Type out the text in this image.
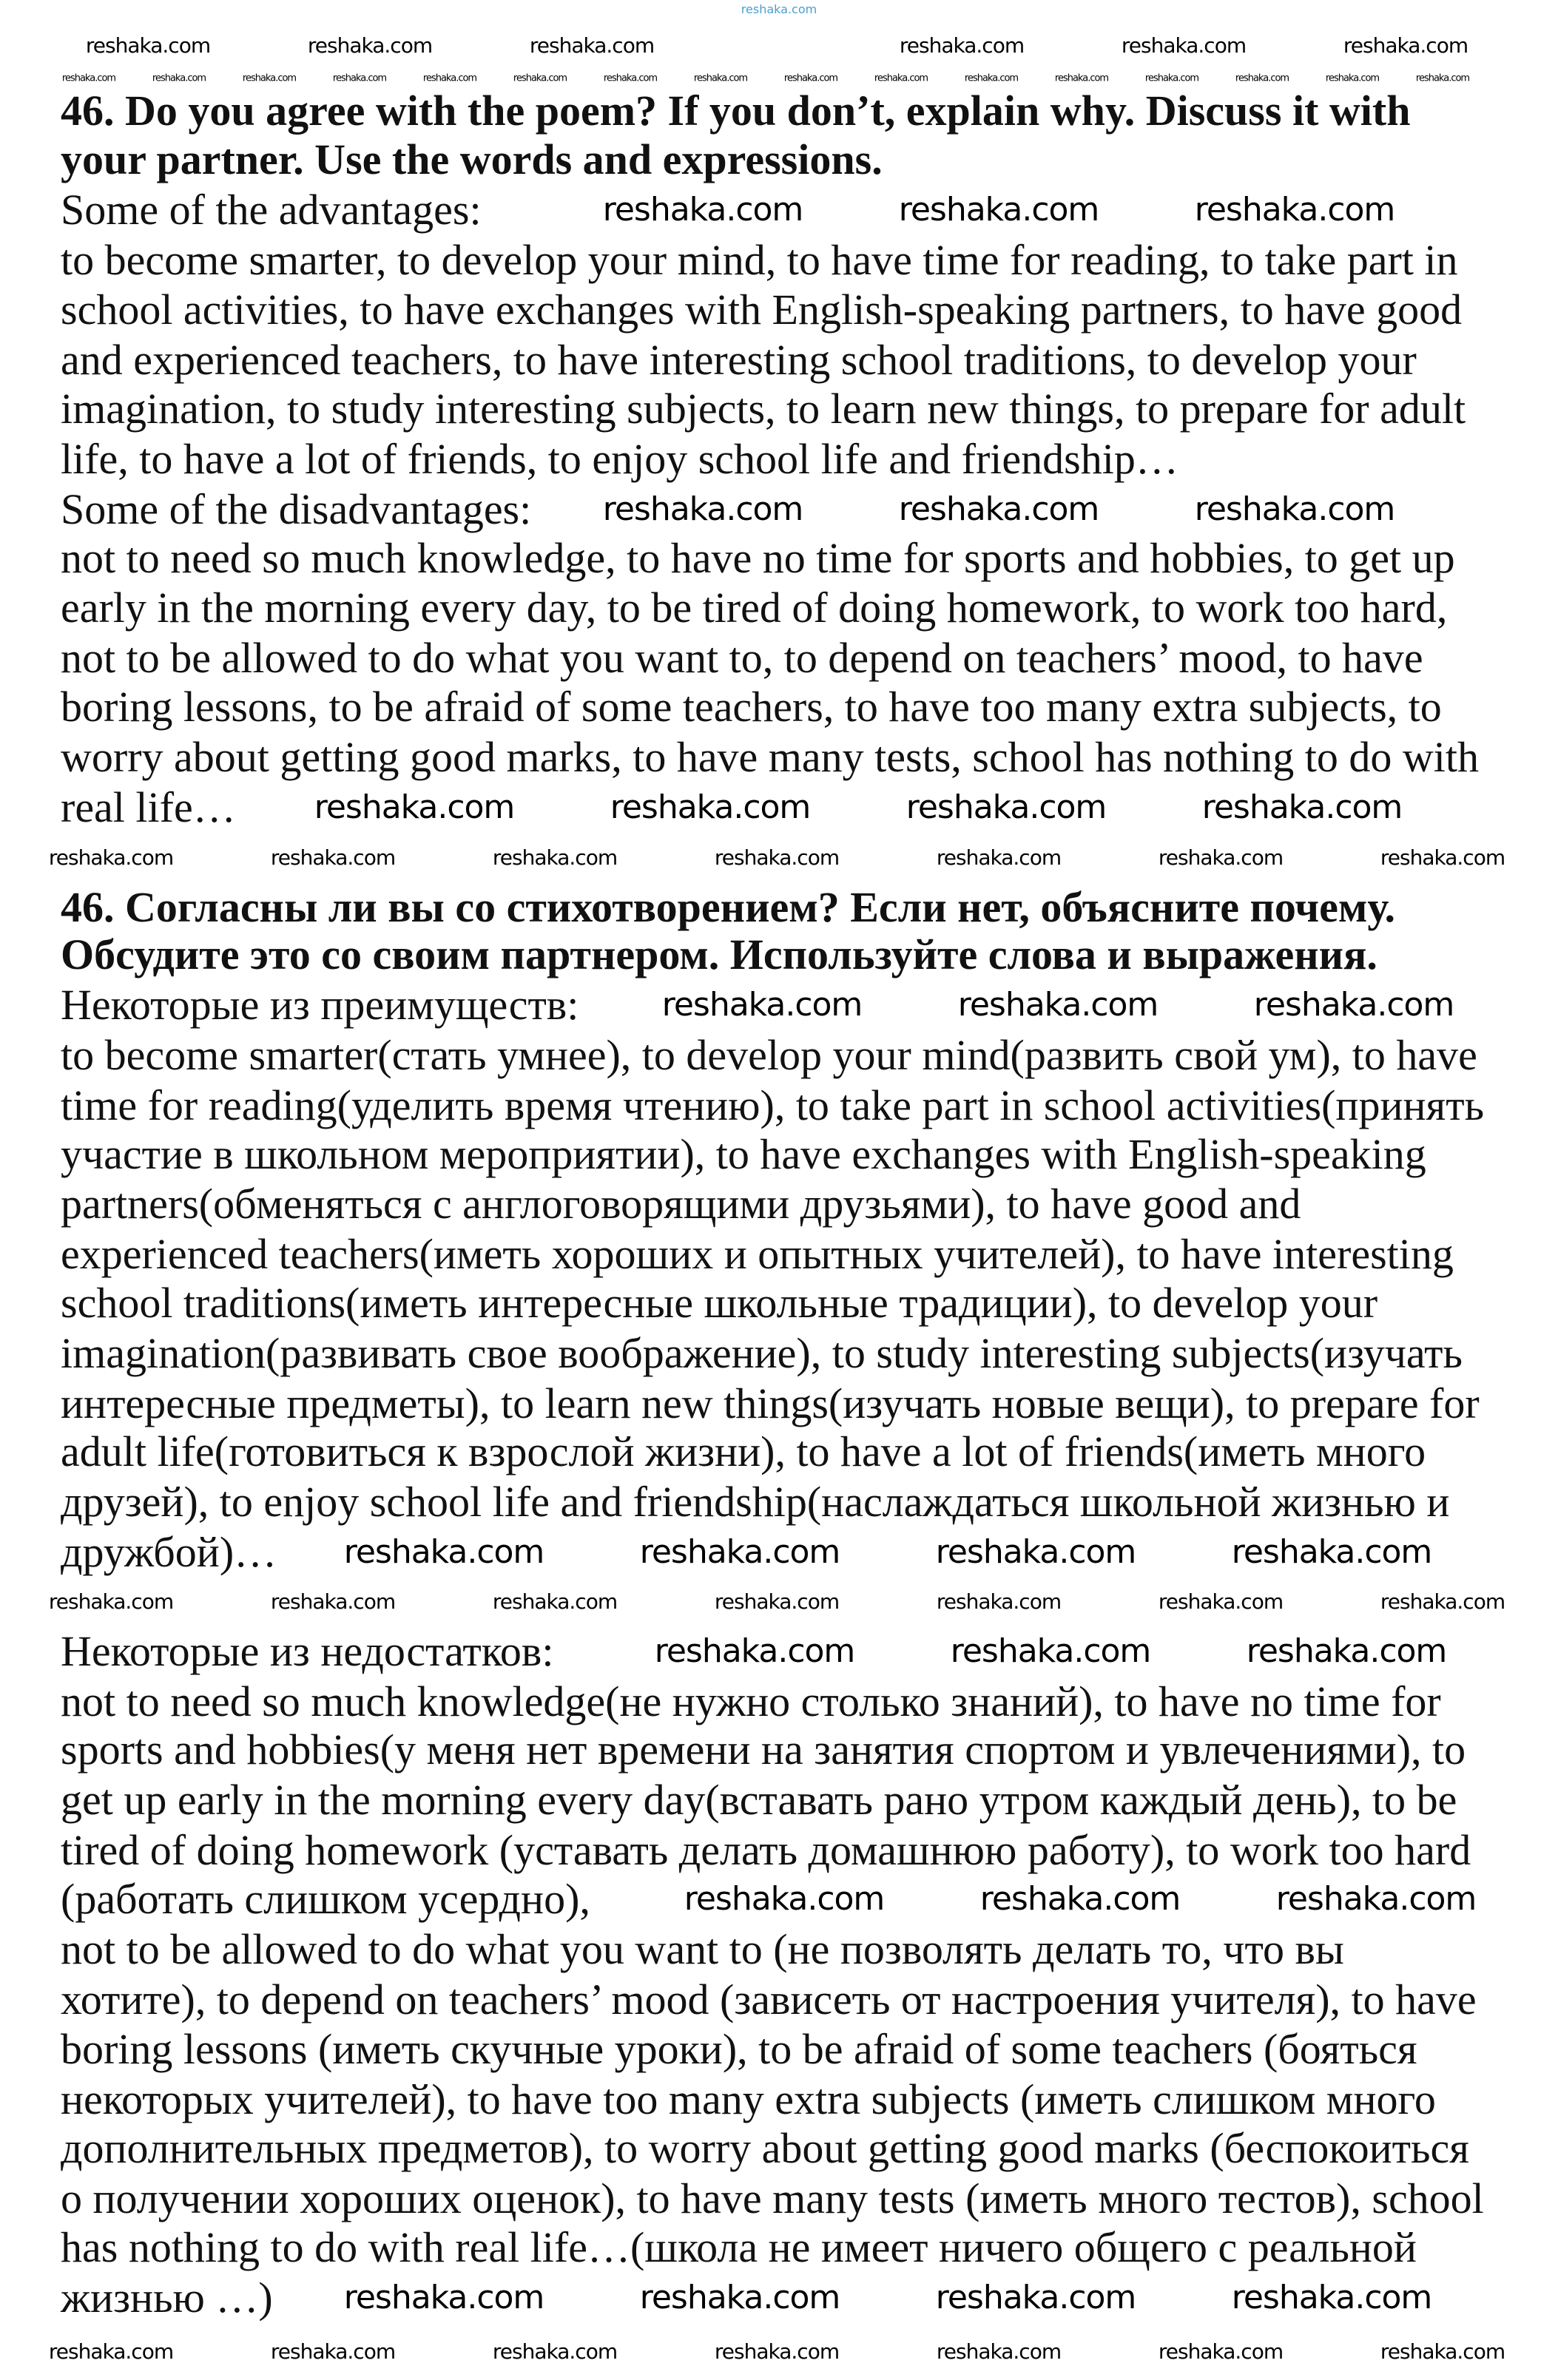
reshaka.com
46. Do you agree with the poem? If you don’t, explain why. Discuss it with
your partner. Use the words and expressions.
Some of the advantages:
to become smarter, to develop your mind, to have time for reading, to take part in
school activities, to have exchanges with English-speaking partners, to have good
and experienced teachers, to have interesting school traditions, to develop your
imagination, to study interesting subjects, to learn new things, to prepare for adult
life, to have a lot of friends, to enjoy school life and friendship…
Some of the disadvantages:
not to need so much knowledge, to have no time for sports and hobbies, to get up
early in the morning every day, to be tired of doing homework, to work too hard,
not to be allowed to do what you want to, to depend on teachers’ mood, to have
boring lessons, to be afraid of some teachers, to have too many extra subjects, to
worry about getting good marks, to have many tests, school has nothing to do with
real life…
46. Согласны ли вы со стихотворением? Если нет, объясните почему.
Обсудите это со своим партнером. Используйте слова и выражения.
Некоторые из преимуществ:
to become smarter(стать умнее), to develop your mind(развить свой ум), to have
time for reading(уделить время чтению), to take part in school activities(принять
участие в школьном мероприятии), to have exchanges with English-speaking
partners(обменяться с англоговорящими друзьями), to have good and
experienced teachers(иметь хороших и опытных учителей), to have interesting
school traditions(иметь интересные школьные традиции), to develop your
imagination(развивать свое воображение), to study interesting subjects(изучать
интересные предметы), to learn new things(изучать новые вещи), to prepare for
adult life(готовиться к взрослой жизни), to have a lot of friends(иметь много
друзей), to enjoy school life and friendship(наслаждаться школьной жизнью и
дружбой)…
Некоторые из недостатков:
not to need so much knowledge(не нужно столько знаний), to have no time for
sports and hobbies(у меня нет времени на занятия спортом и увлечениями), to
get up early in the morning every day(вставать рано утром каждый день), to be
tired of doing homework (уставать делать домашнюю работу), to work too hard
(работать слишком усердно),
not to be allowed to do what you want to (не позволять делать то, что вы
хотите), to depend on teachers’ mood (зависеть от настроения учителя), to have
boring lessons (иметь скучные уроки), to be afraid of some teachers (бояться
некоторых учителей), to have too many extra subjects (иметь слишком много
дополнительных предметов), to worry about getting good marks (беспокоиться
о получении хороших оценок), to have many tests (иметь много тестов), school
has nothing to do with real life…(школа не имеет ничего общего с реальной
жизнью …)
reshaka.com	reshaka.com	reshaka.com
reshaka.com	reshaka.com	reshaka.com
reshaka.com	reshaka.com	reshaka.com	reshaka.com
reshaka.com	reshaka.com	reshaka.com
reshaka.com	reshaka.com	reshaka.com	reshaka.com
reshaka.com	reshaka.com	reshaka.com
reshaka.com	reshaka.com	reshaka.com
reshaka.com	reshaka.com	reshaka.com	reshaka.com
reshaka.com	reshaka.com	reshaka.com	reshaka.com	reshaka.com	reshaka.com
reshaka.com	reshaka.com	reshaka.com	reshaka.com	reshaka.com	reshaka.com	reshaka.com
reshaka.com	reshaka.com	reshaka.com	reshaka.com	reshaka.com	reshaka.com	reshaka.com
reshaka.com	reshaka.com	reshaka.com	reshaka.com	reshaka.com	reshaka.com	reshaka.com
reshaka.com	reshaka.com	reshaka.com	reshaka.com	reshaka.com	reshaka.com	reshaka.com	reshaka.com	reshaka.com	reshaka.com	reshaka.com	reshaka.com	reshaka.com	reshaka.com	reshaka.com	reshaka.com
